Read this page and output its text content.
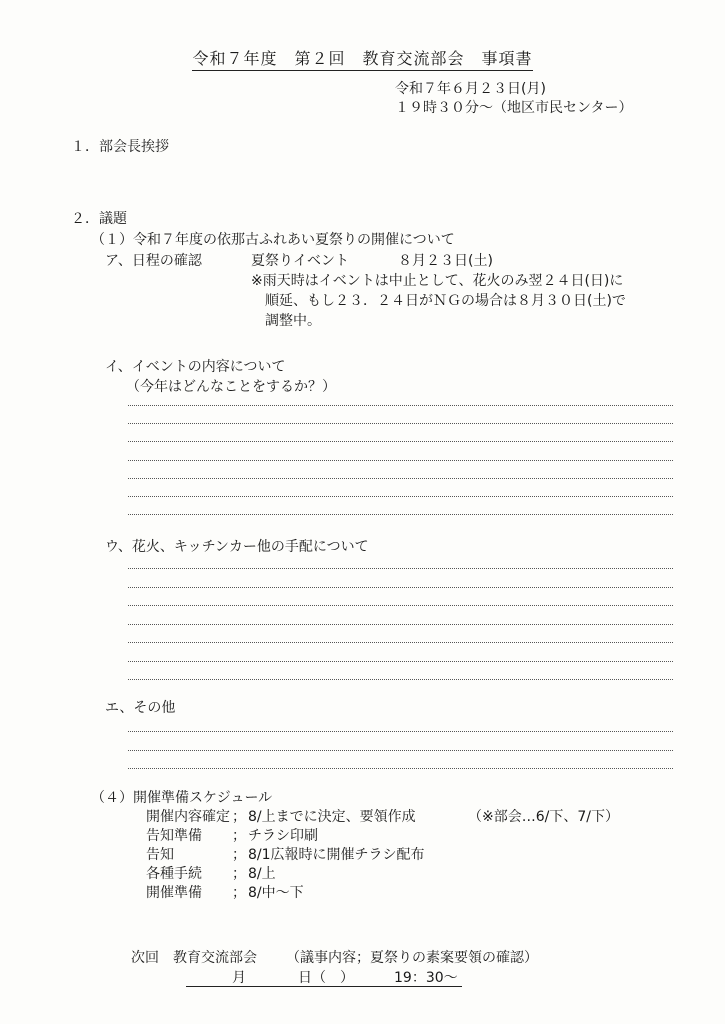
令和７年度　第２回　教育交流部会　事項書
令和７年６月２３日(月)
１９時３０分～（地区市民センター）
１．部会長挨拶
２．議題
（１）令和７年度の依那古ふれあい夏祭りの開催について
ア、日程の確認	夏祭りイベント	８月２３日(土)
※雨天時はイベントは中止として、花火のみ翌２４日(日)に
順延、もし２３．２４日がＮＧの場合は８月３０日(土)で
調整中。
イ、イベントの内容について
（今年はどんなことをするか？）
ウ、花火、キッチンカー他の手配について
エ、その他
（４）開催準備スケジュール
開催内容確定 ； 8/上までに決定、要領作成	（※部会…6/下、7/下）
告知準備 ； チラシ印刷
告知	； 8/1広報時に開催チラシ配布
各種手続 ； 8/上
開催準備 ； 8/中～下
次回　教育交流部会 （議事内容；夏祭りの素案要領の確認）
月	日（　）	19：30～
